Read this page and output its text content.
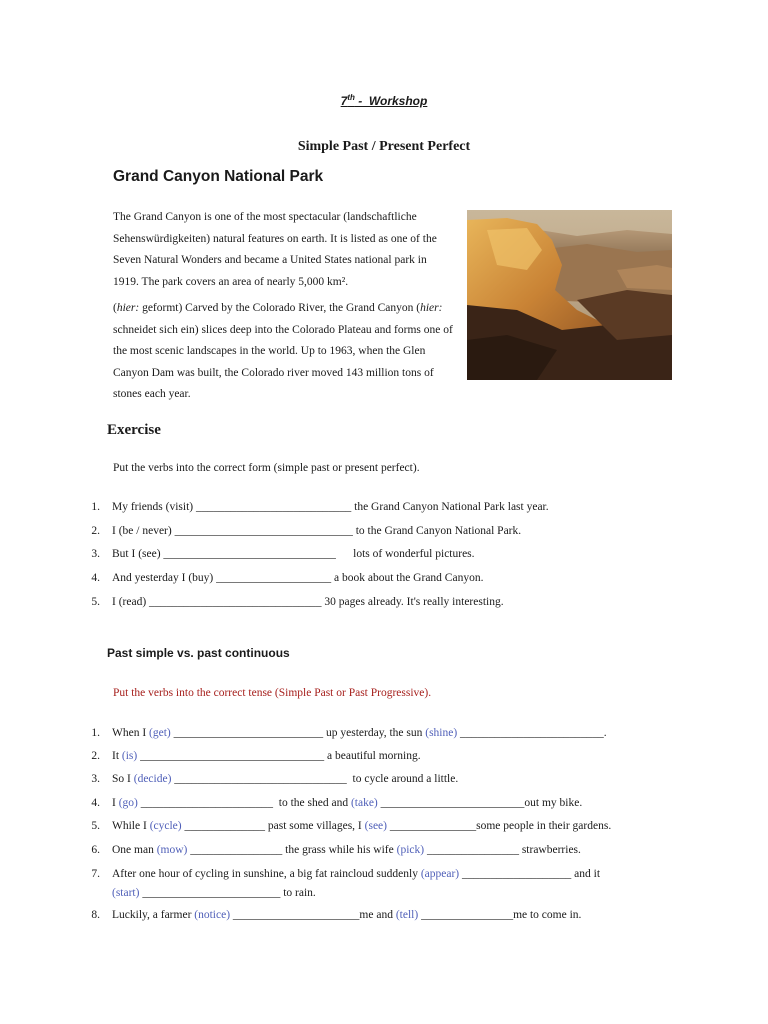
7th -  Workshop
Simple Past / Present Perfect
Grand Canyon National Park

The Grand Canyon is one of the most spectacular (landschaftliche Sehenswürdigkeiten) natural features on earth. It is listed as one of the Seven Natural Wonders and became a United States national park in 1919. The park covers an area of nearly 5,000 km².

(hier: geformt) Carved by the Colorado River, the Grand Canyon (hier: schneidet sich ein) slices deep into the Colorado Plateau and forms one of the most scenic landscapes in the world. Up to 1963, when the Glen Canyon Dam was built, the Colorado river moved 143 million tons of stones each year.

Exercise
Put the verbs into the correct form (simple past or present perfect).
1. My friends (visit) ___________________________ the Grand Canyon National Park last year.
2. I (be / never) _______________________________ to the Grand Canyon National Park.
3. But I (see) ______________________________      lots of wonderful pictures.
4. And yesterday I (buy) ____________________ a book about the Grand Canyon.
5. I (read) ______________________________ 30 pages already. It's really interesting.
Past simple vs. past continuous
Put the verbs into the correct tense (Simple Past or Past Progressive).
1. When I (get) __________________________ up yesterday, the sun (shine) _________________________.
2. It (is) ________________________________ a beautiful morning.
3. So I (decide) ______________________________  to cycle around a little.
4. I (go) _______________________  to the shed and (take) _________________________out my bike.
5. While I (cycle) ______________ past some villages, I (see) _______________some people in their gardens.
6. One man (mow) ________________ the grass while his wife (pick) ________________ strawberries.
7. After one hour of cycling in sunshine, a big fat raincloud suddenly (appear) ___________________ and it
(start) ________________________ to rain.
8. Luckily, a farmer (notice) ______________________me and (tell) ________________me to come in.
